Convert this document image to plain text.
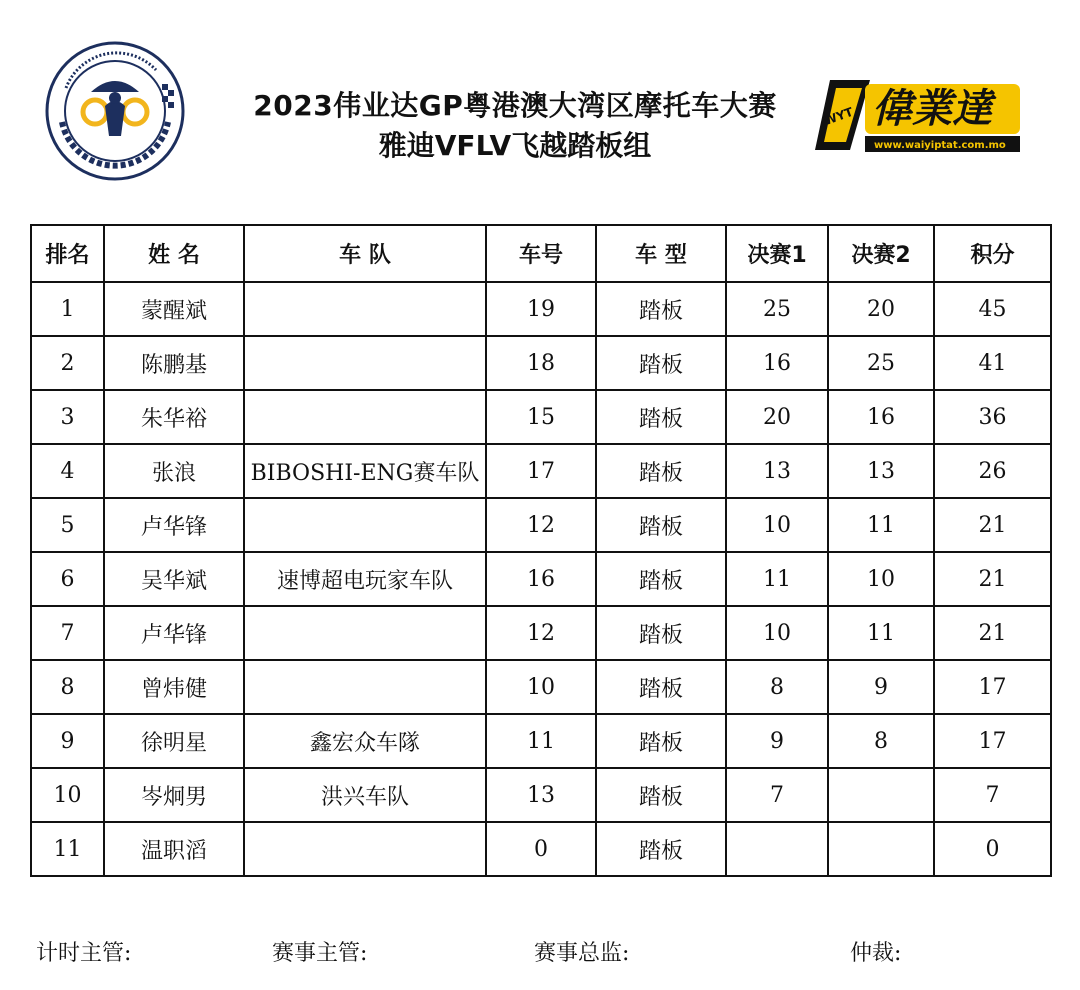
2023伟业达GP粤港澳大湾区摩托车大赛
雅迪VFLV飞越踏板组
WYT 偉業達
www.waiyiptat.com.mo
排名	姓 名	车 队	车号	车 型	决赛1	决赛2	积分
1	蒙醒斌		19	踏板	25	20	45
2	陈鹏基		18	踏板	16	25	41
3	朱华裕		15	踏板	20	16	36
4	张浪	BIBOSHI-ENG赛车队	17	踏板	13	13	26
5	卢华锋		12	踏板	10	11	21
6	吴华斌	速博超电玩家车队	16	踏板	11	10	21
7	卢华锋		12	踏板	10	11	21
8	曾炜健		10	踏板	8	9	17
9	徐明星	鑫宏众车隊	11	踏板	9	8	17
10	岑炯男	洪兴车队	13	踏板	7		7
11	温职滔		0	踏板			0
计时主管:	赛事主管:	赛事总监:	仲裁:
